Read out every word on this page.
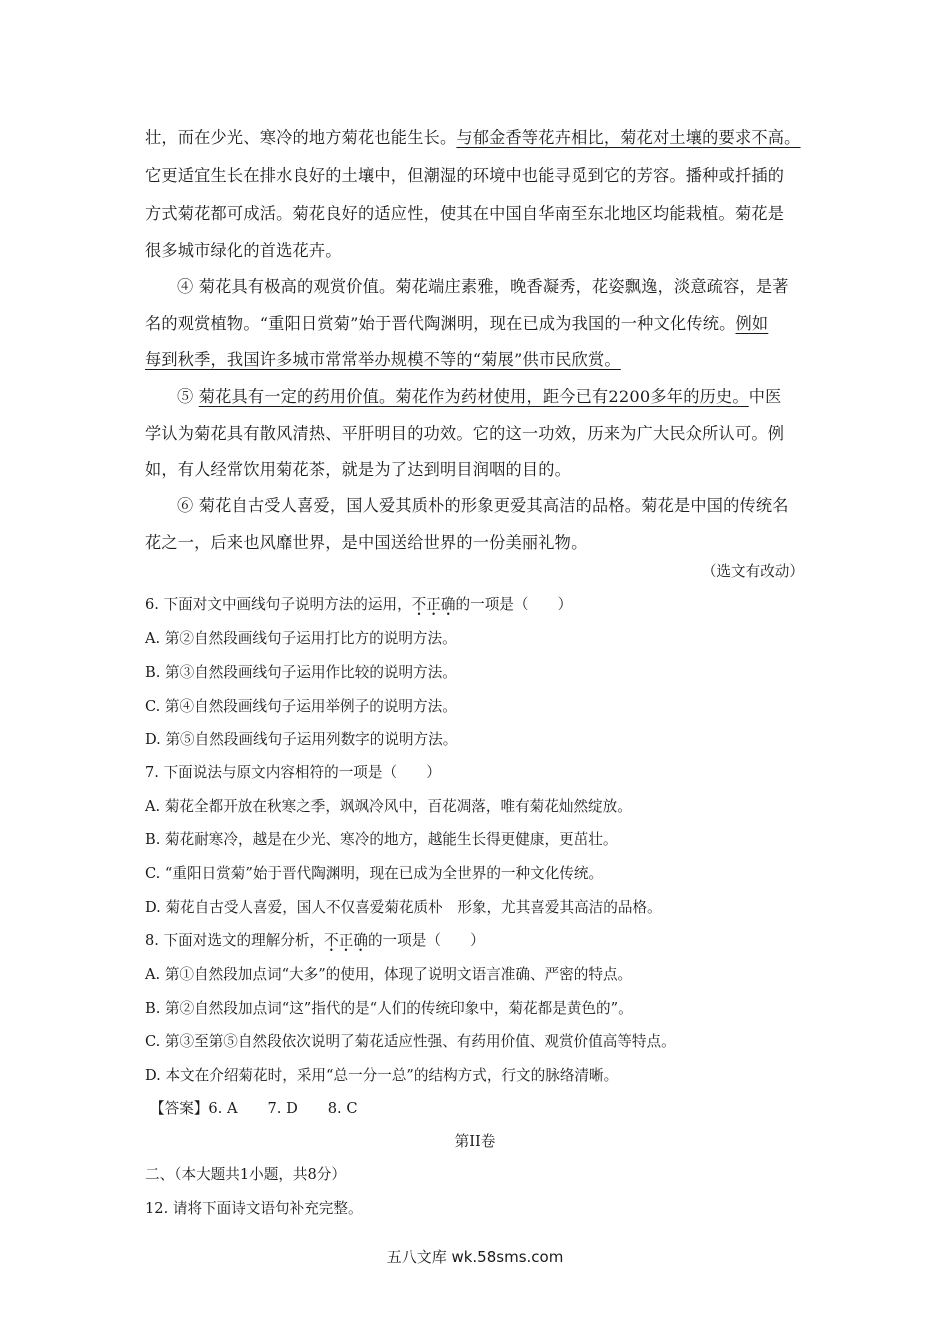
壮，而在少光、寒冷的地方菊花也能生长。与郁金香等花卉相比，菊花对土壤的要求不高。
它更适宜生长在排水良好的土壤中，但潮湿的环境中也能寻觅到它的芳容。播种或扦插的
方式菊花都可成活。菊花良好的适应性，使其在中国自华南至东北地区均能栽植。菊花是
很多城市绿化的首选花卉。
④ 菊花具有极高的观赏价值。菊花端庄素雅，晚香凝秀，花姿飘逸，淡意疏容，是著
名的观赏植物。“重阳日赏菊”始于晋代陶渊明，现在已成为我国的一种文化传统。例如
每到秋季，我国许多城市常常举办规模不等的“菊展”供市民欣赏。
⑤ 菊花具有一定的药用价值。菊花作为药材使用，距今已有2200多年的历史。中医
学认为菊花具有散风清热、平肝明目的功效。它的这一功效，历来为广大民众所认可。例
如，有人经常饮用菊花茶，就是为了达到明目润咽的目的。
⑥ 菊花自古受人喜爱，国人爱其质朴的形象更爱其高洁的品格。菊花是中国的传统名
花之一，后来也风靡世界，是中国送给世界的一份美丽礼物。
（选文有改动）
6. 下面对文中画线句子说明方法的运用，不正确的一项是（　　）
A. 第②自然段画线句子运用打比方的说明方法。
B. 第③自然段画线句子运用作比较的说明方法。
C. 第④自然段画线句子运用举例子的说明方法。
D. 第⑤自然段画线句子运用列数字的说明方法。
7. 下面说法与原文内容相符的一项是（　　）
A. 菊花全都开放在秋寒之季，飒飒冷风中，百花凋落，唯有菊花灿然绽放。
B. 菊花耐寒冷，越是在少光、寒冷的地方，越能生长得更健康，更茁壮。
C. “重阳日赏菊”始于晋代陶渊明，现在已成为全世界的一种文化传统。
D. 菊花自古受人喜爱，国人不仅喜爱菊花质朴　形象，尤其喜爱其高洁的品格。
8. 下面对选文的理解分析，不正确的一项是（　　）
A. 第①自然段加点词“大多”的使用，体现了说明文语言准确、严密的特点。
B. 第②自然段加点词“这”指代的是“人们的传统印象中，菊花都是黄色的”。
C. 第③至第⑤自然段依次说明了菊花适应性强、有药用价值、观赏价值高等特点。
D. 本文在介绍菊花时，采用“总一分一总”的结构方式，行文的脉络清晰。
【答案】6. A 7. D 8. C
第II卷
二、（本大题共1小题，共8分）
12. 请将下面诗文语句补充完整。
五八文库 wk.58sms.com
